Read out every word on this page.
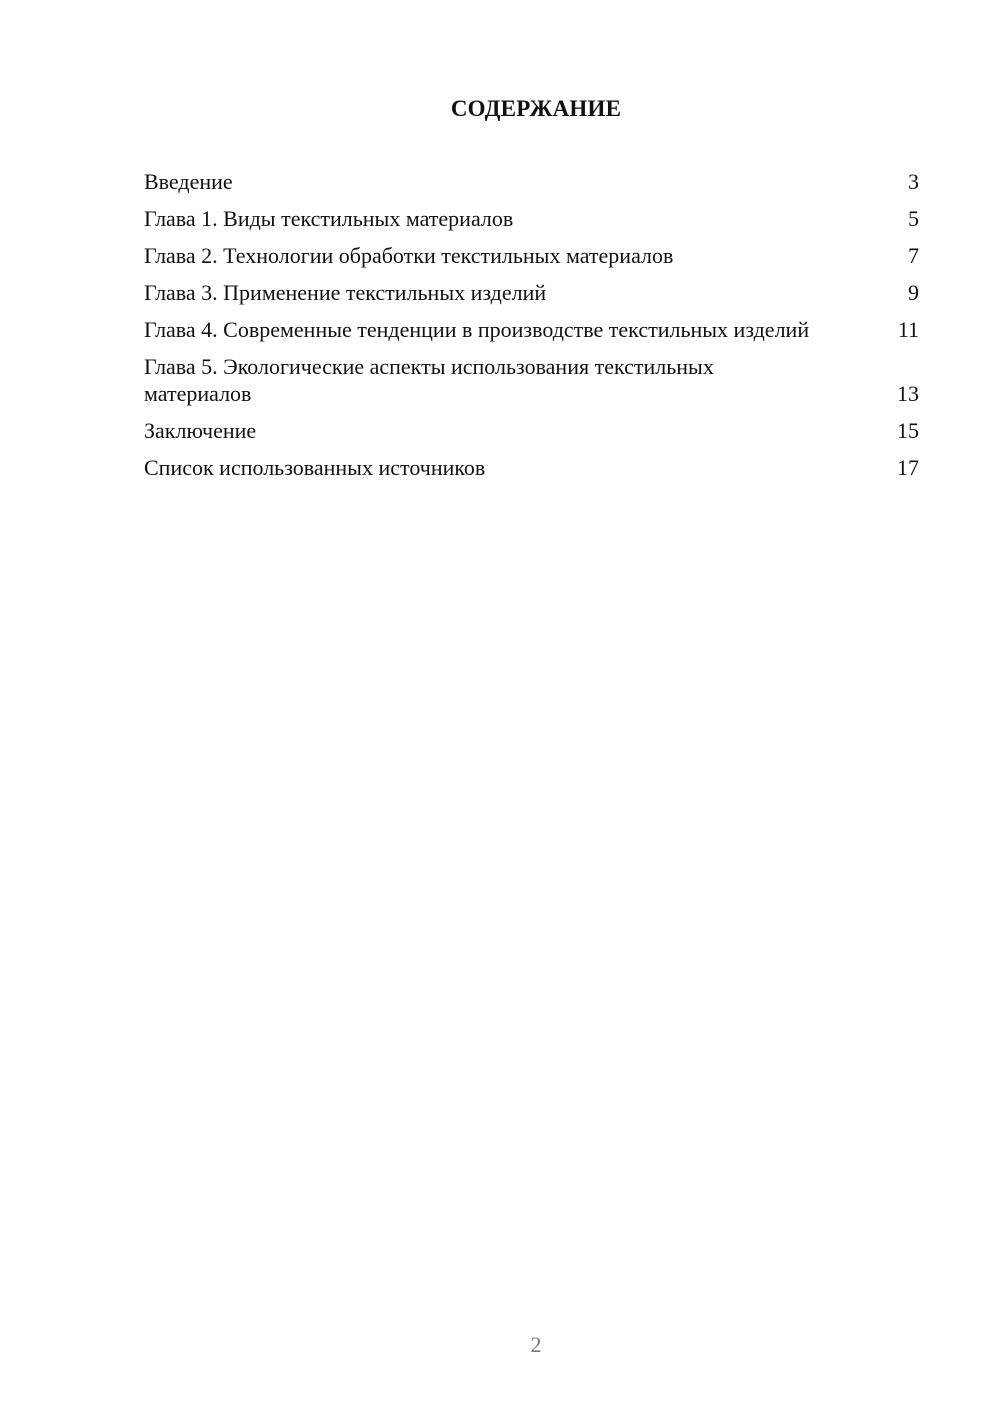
СОДЕРЖАНИЕ
Введение	3
Глава 1. Виды текстильных материалов	5
Глава 2. Технологии обработки текстильных материалов	7
Глава 3. Применение текстильных изделий	9
Глава 4. Современные тенденции в производстве текстильных изделий	11
Глава 5. Экологические аспекты использования текстильных материалов	13
Заключение	15
Список использованных источников	17
2
